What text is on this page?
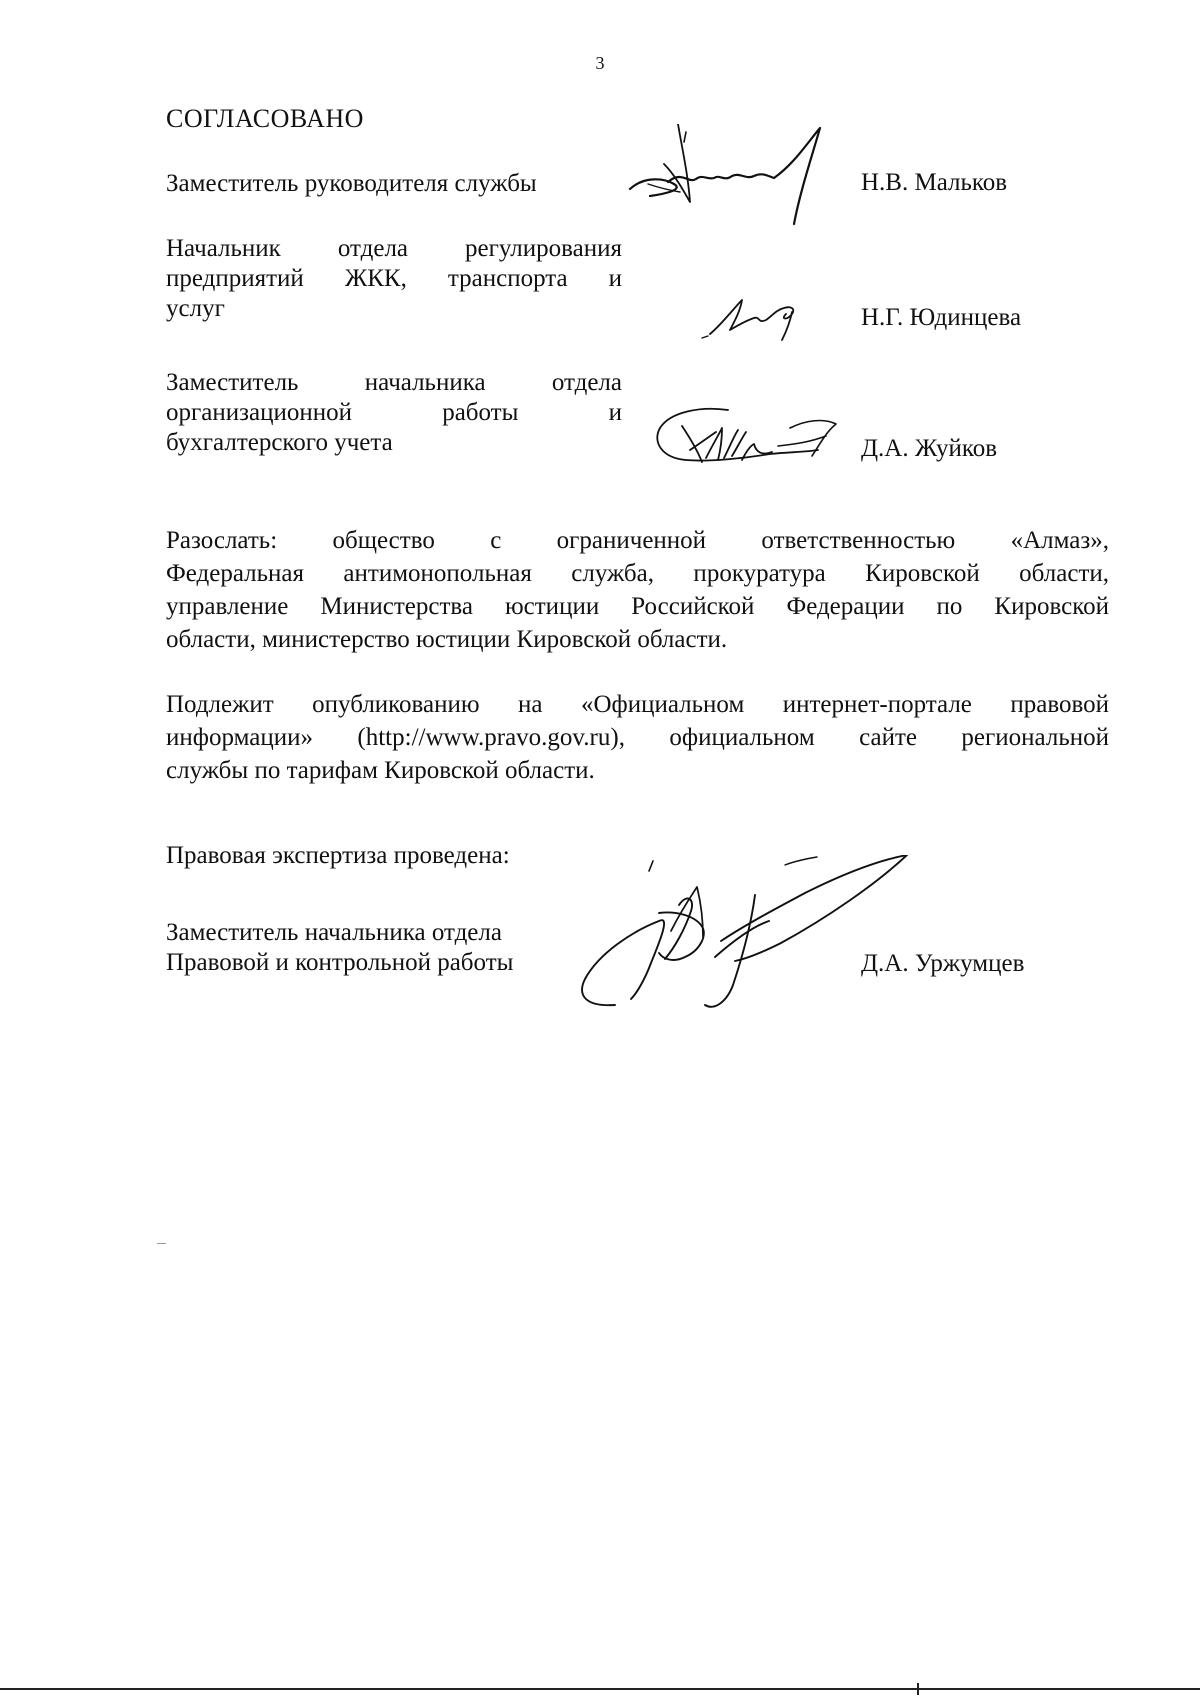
3
СОГЛАСОВАНО
Заместитель руководителя службы	Н.В. Мальков
Начальник отдела регулирования
предприятий ЖКК, транспорта и
услуг	Н.Г. Юдинцева
Заместитель начальника отдела
организационной работы и
бухгалтерского учета	Д.А. Жуйков
Разослать: общество с ограниченной ответственностью «Алмаз»,
Федеральная антимонопольная служба, прокуратура Кировской области,
управление Министерства юстиции Российской Федерации по Кировской
области, министерство юстиции Кировской области.
Подлежит опубликованию на «Официальном интернет-портале правовой
информации» (http://www.pravo.gov.ru), официальном сайте региональной
службы по тарифам Кировской области.
Правовая экспертиза проведена:
Заместитель начальника отдела
Правовой и контрольной работы	Д.А. Уржумцев
